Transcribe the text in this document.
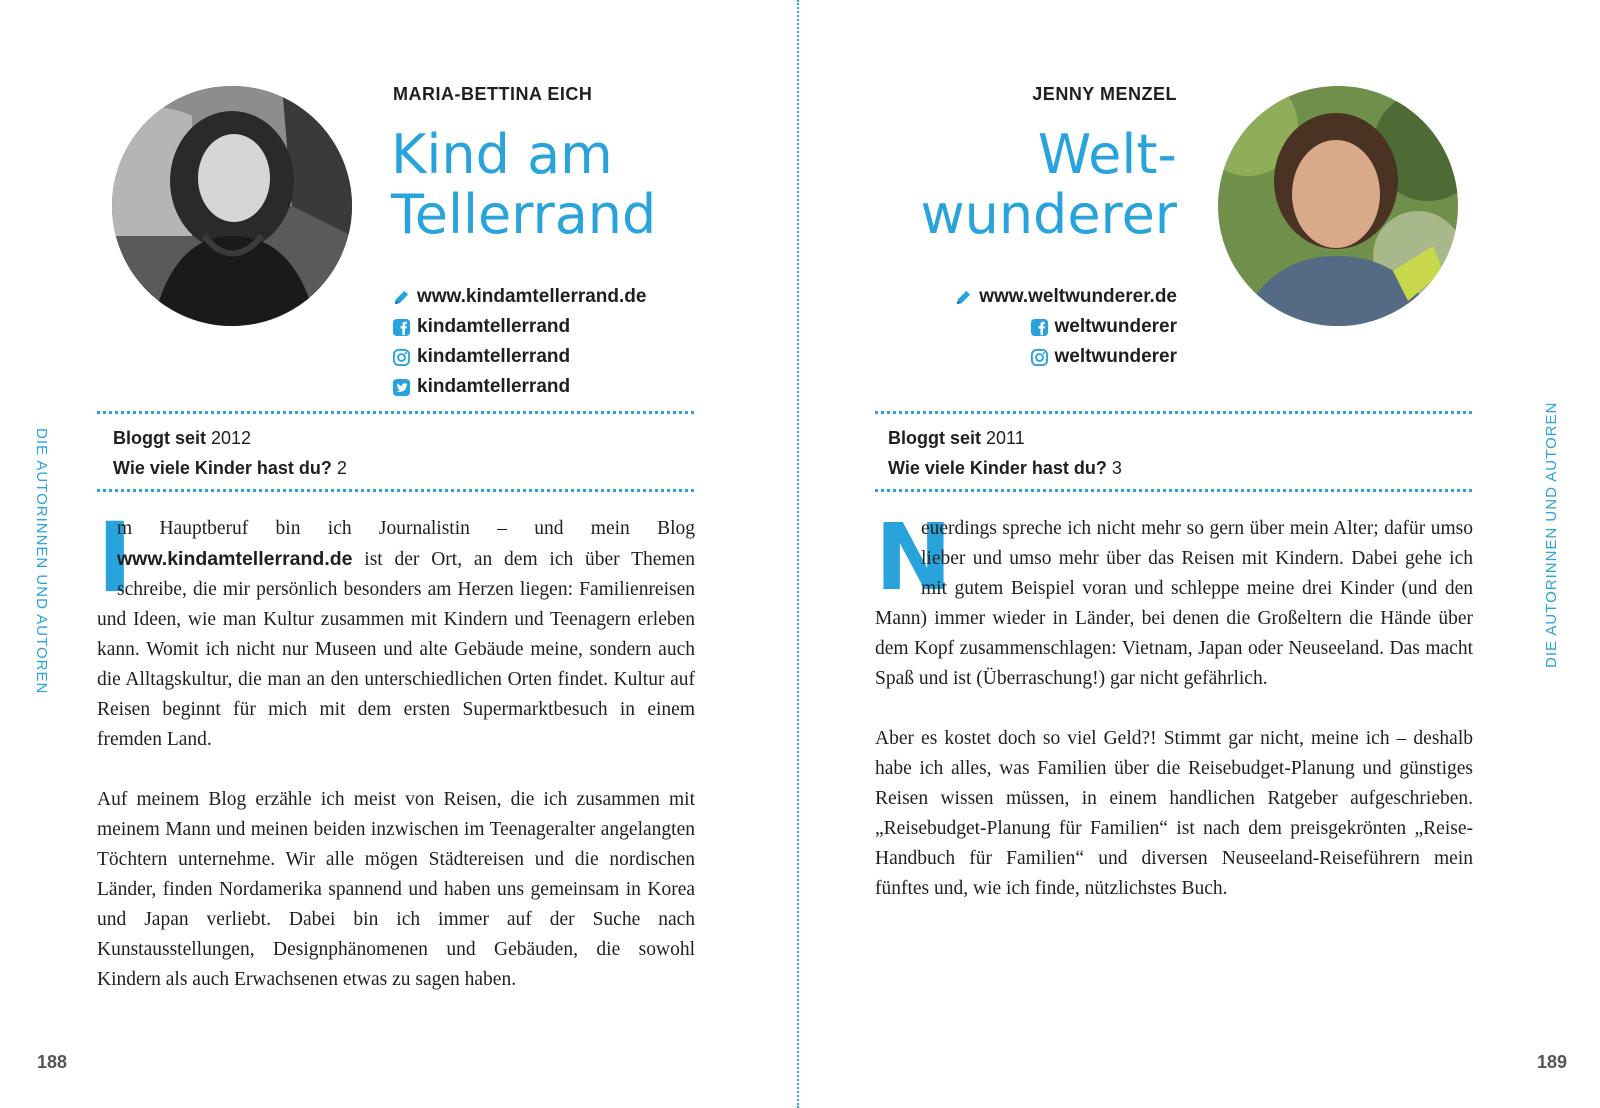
DIE AUTORINNEN UND AUTOREN
188
MARIA-BETTINA EICH
Kind am
Tellerrand
www.kindamtellerrand.de
kindamtellerrand
kindamtellerrand
kindamtellerrand
Bloggt seit 2012
Wie viele Kinder hast du? 2

I
m Hauptberuf bin ich Journalistin – und mein Blog www.kindamtellerrand.de ist der Ort, an dem ich über Themen schreibe, die mir persönlich besonders am Herzen liegen: Familienreisen und Ideen, wie man Kultur zusammen mit Kindern und Teenagern erleben kann. Womit ich nicht nur Museen und alte Gebäude meine, sondern auch die Alltagskultur, die man an den unterschiedlichen Orten findet. Kultur auf Reisen beginnt für mich mit dem ersten Supermarktbesuch in einem fremden Land.

Auf meinem Blog erzähle ich meist von Reisen, die ich zusammen mit meinem Mann und meinen beiden inzwischen im Teenageralter angelangten Töchtern unternehme. Wir alle mögen Städtereisen und die nordischen Länder, finden Nordamerika spannend und haben uns gemeinsam in Korea und Japan verliebt. Dabei bin ich immer auf der Suche nach Kunstausstellungen, Designphänomenen und Gebäuden, die sowohl Kindern als auch Erwachsenen etwas zu sagen haben.

DIE AUTORINNEN UND AUTOREN
189
JENNY MENZEL
Welt-
wunderer
www.weltwunderer.de
weltwunderer
weltwunderer
Bloggt seit 2011
Wie viele Kinder hast du? 3

N
euerdings spreche ich nicht mehr so gern über mein Alter; dafür umso lieber und umso mehr über das Reisen mit Kindern. Dabei gehe ich mit gutem Beispiel voran und schleppe meine drei Kinder (und den Mann) immer wieder in Länder, bei denen die Großeltern die Hände über dem Kopf zusammenschlagen: Vietnam, Japan oder Neuseeland. Das macht Spaß und ist (Überraschung!) gar nicht gefährlich.

Aber es kostet doch so viel Geld?! Stimmt gar nicht, meine ich – deshalb habe ich alles, was Familien über die Reisebudget-Planung und günstiges Reisen wissen müssen, in einem handlichen Ratgeber aufgeschrieben. „Reisebudget-Planung für Familien“ ist nach dem preisgekrönten „Reise-Handbuch für Familien“ und diversen Neuseeland-Reiseführern mein fünftes und, wie ich finde, nützlichstes Buch.
